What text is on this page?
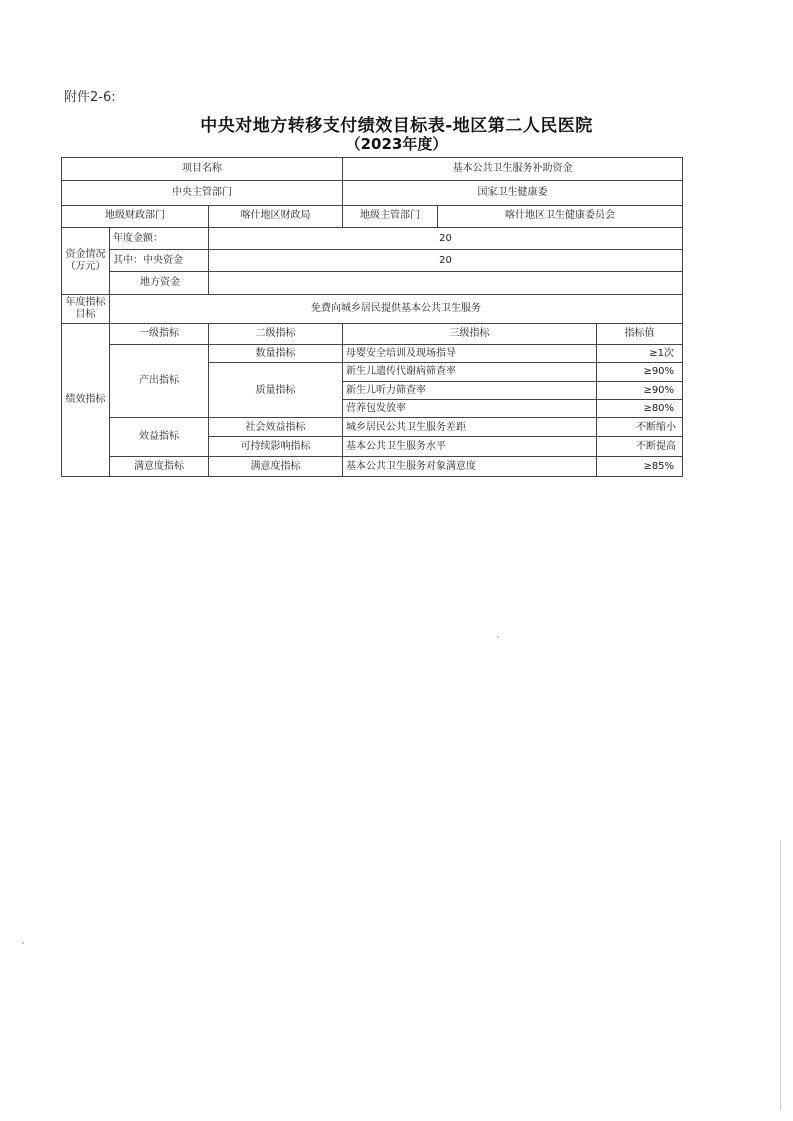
附件2-6:
中央对地方转移支付绩效目标表-地区第二人民医院
（2023年度）
项目名称			基本公共卫生服务补助资金		
中央主管部门			国家卫生健康委		
地级财政部门		喀什地区财政局	地级主管部门	喀什地区卫生健康委员会	
资金情况（万元）	年度金额：	20			
	其中：中央资金	20			
	地方资金				
年度指标目标	免费向城乡居民提供基本公共卫生服务				
绩效指标	一级指标	二级指标	三级指标		指标值
	产出指标	数量指标	母婴安全培训及现场指导		≥1次
		质量指标	新生儿遗传代谢病筛查率		≥90%
			新生儿听力筛查率		≥90%
			营养包发放率		≥80%
	效益指标	社会效益指标	城乡居民公共卫生服务差距		不断缩小
		可持续影响指标	基本公共卫生服务水平		不断提高
	满意度指标	满意度指标	基本公共卫生服务对象满意度		≥85%
